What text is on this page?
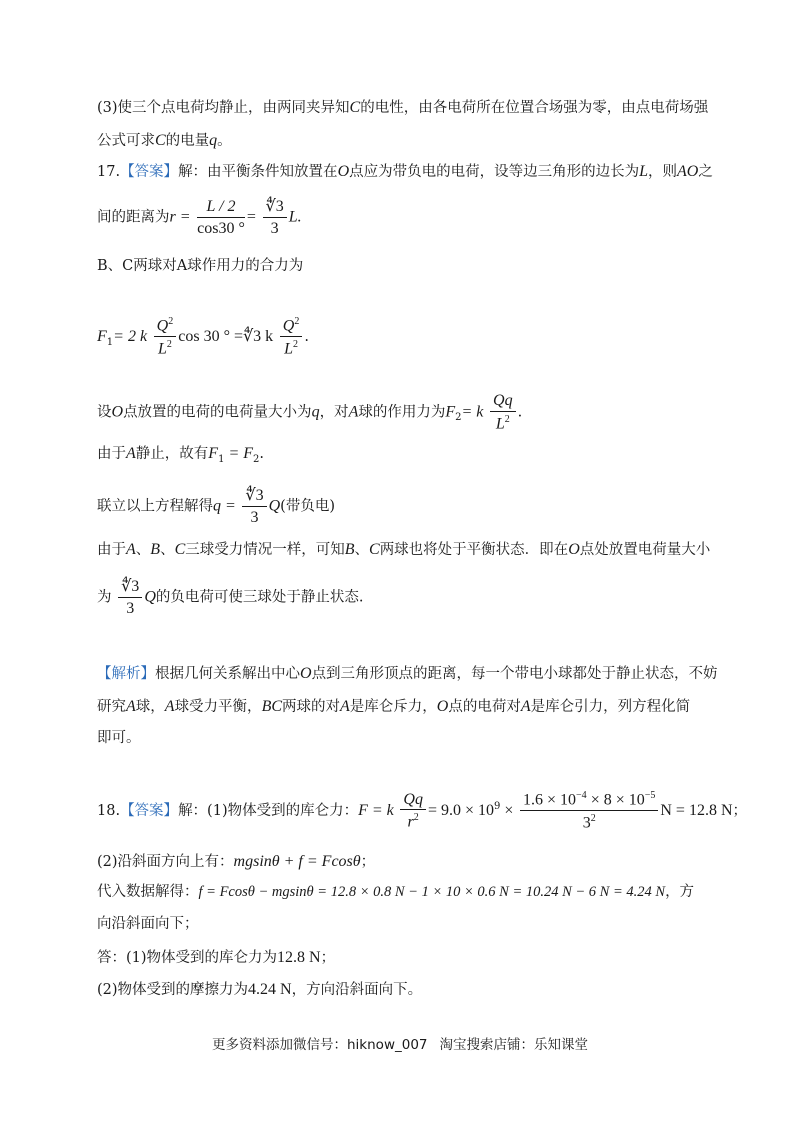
(3)使三个点电荷均静止，由两同夹异知C的电性，由各电荷所在位置合场强为零，由点电荷场强
公式可求C的电量q。
17.【答案】解：由平衡条件知放置在O点应为带负电的电荷，设等边三角形的边长为L，则AO之
间的距离为$r = \frac{L / 2}{\cos 30 ^\circ} = \frac{∜3}{3} L$.
B、C两球对A球作用力的合力为
$F_1= 2$ k $\frac{Q^2}{L^2}$ cos 30 ° =∜3 k $\frac{Q^2}{L^2}$ .
设O点放置的电荷的电荷量大小为q，对A球的作用力为$F_2= k \frac{Qq}{L^2}$ .
由于A静止，故有$F_1 = F_2$.
联立以上方程解得$q = \frac{∜3}{3} Q$(带负电)
由于A、B、C三球受力情况一样，可知B、C两球也将处于平衡状态．即在O点处放置电荷量大小
为 $\frac{∜3}{3}$ Q的负电荷可使三球处于静止状态.
【解析】根据几何关系解出中心O点到三角形顶点的距离，每一个带电小球都处于静止状态，不妨
研究A球，A球受力平衡，BC两球的对A是库仑斥力，O点的电荷对A是库仑引力，列方程化简
即可。
18.【答案】解：(1)物体受到的库仑力：F = k $\frac{Qq}{r^2} = 9.0 \times 10^9 \times \frac{1.6 \times 10^{-4} \times 8 \times 10^{-5}}{3^2}$ N = 12.8 N；
(2)沿斜面方向上有：mgsinθ + f = Fcosθ；
代入数据解得：f = Fcosθ − mgsinθ = 12.8 × 0.8 N − 1 × 10 × 0.6 N = 10.24 N − 6 N = 4.24 N，方
向沿斜面向下；
答：(1)物体受到的库仑力为12.8 N；
(2)物体受到的摩擦力为4.24 N，方向沿斜面向下。
更多资料添加微信号：hiknow_007 淘宝搜索店铺：乐知课堂
